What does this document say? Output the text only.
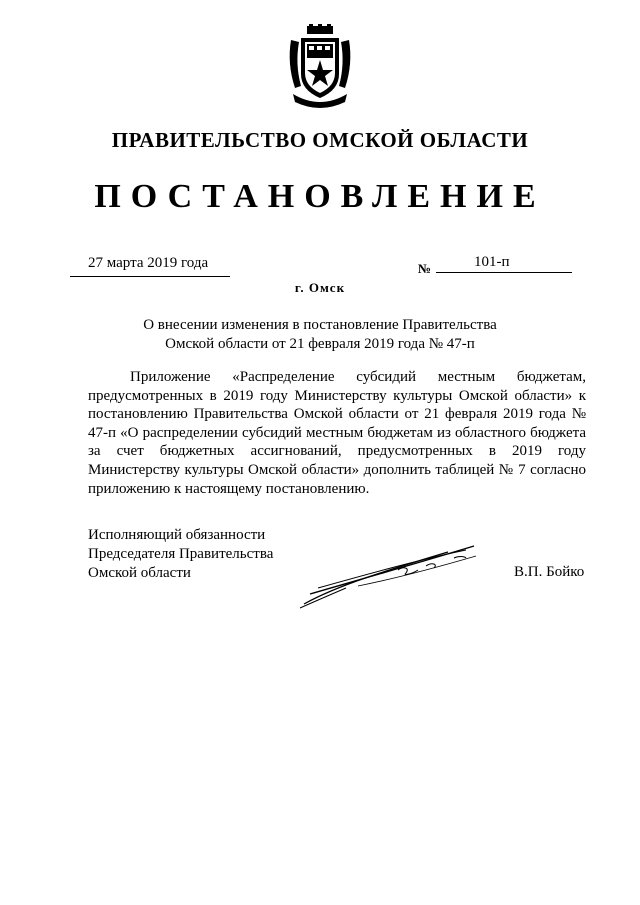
ПРАВИТЕЛЬСТВО ОМСКОЙ ОБЛАСТИ
ПОСТАНОВЛЕНИЕ
27 марта 2019 года	№	101-п
г. Омск
О внесении изменения в постановление Правительства
Омской области от 21 февраля 2019 года № 47-п
Приложение «Распределение субсидий местным бюджетам, предусмотренных в 2019 году Министерству культуры Омской области» к постановлению Правительства Омской области от 21 февраля 2019 года № 47-п «О распределении субсидий местным бюджетам из областного бюджета за счет бюджетных ассигнований, предусмотренных в 2019 году Министерству культуры Омской области» дополнить таблицей № 7 согласно приложению к настоящему постановлению.
Исполняющий обязанности
Председателя Правительства
Омской области	В.П. Бойко
